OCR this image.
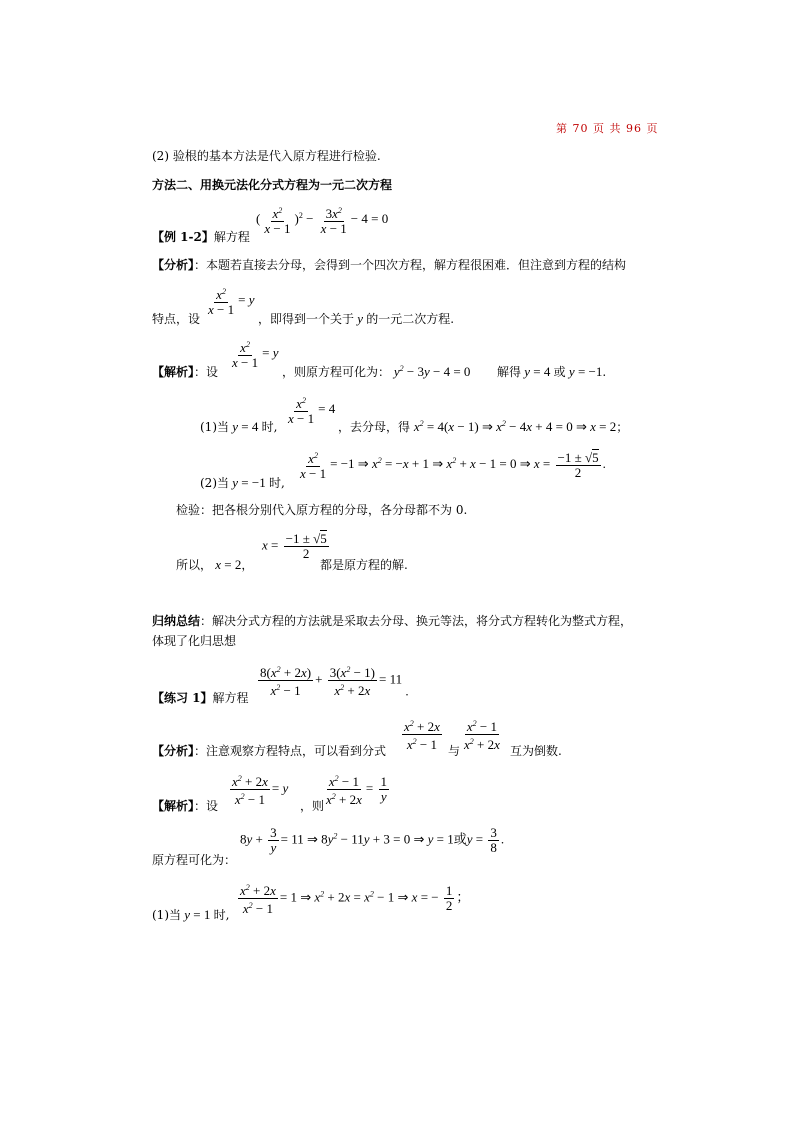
第 70 页 共 96 页
(2) 验根的基本方法是代入原方程进行检验.
方法二、用换元法化分式方程为一元二次方程
【例 1-2】解方程
( $\frac{x^2}{x - 1} )^2 - \frac{3x^2}{x - 1} - 4 = 0$
【分析】：本题若直接去分母，会得到一个四次方程，解方程很困难．但注意到方程的结构
特点，设
$\frac{x^2}{x - 1} = y$
，即得到一个关于 y 的一元二次方程.
【解析】：设
$\frac{x^2}{x - 1} = y$
，则原方程可化为： $y^2 - 3y - 4 = 0$ 解得 y = 4 或 y = −1.
(1)当 y = 4 时,
$\frac{x^2}{x - 1} = 4$
，去分母，得 $x^2 = 4(x - 1)$ ⇒ $x^2 - 4x + 4 = 0$ ⇒ x = 2；
(2)当 y = −1 时,
$\frac{x^2}{x - 1} = -1$ ⇒ $x^2 = -x + 1$ ⇒ $x^2 + x - 1 = 0$ ⇒ $x = \frac{-1 \pm √5}{2}$ .
检验：把各根分别代入原方程的分母，各分母都不为 0.
所以， x = 2，
$x = \frac{-1 \pm √5}{2}$
都是原方程的解.
归纳总结：解决分式方程的方法就是采取去分母、换元等法，将分式方程转化为整式方程，
体现了化归思想
【练习 1】解方程 $\frac{8(x^2 + 2x)}{x^2 - 1} + \frac{3(x^2 - 1)}{x^2 + 2x} = 11$ .
【分析】：注意观察方程特点，可以看到分式 $\frac{x^2 + 2x}{x^2 - 1}$ 与 $\frac{x^2 - 1}{x^2 + 2x}$ 互为倒数.
【解析】：设 $\frac{x^2 + 2x}{x^2 - 1} = y$
，则 $\frac{x^2 - 1}{x^2 + 2x} = \frac{1}{y}$
原方程可化为：
$8y + \frac{3}{y} = 11$ ⇒ $8y^2 - 11y + 3 = 0$ ⇒ y = 1或$y = \frac{3}{8}$ .
(1)当 y = 1 时, $\frac{x^2 + 2x}{x^2 - 1} = 1$ ⇒ $x^2 + 2x = x^2 - 1$ ⇒ x = − $\frac{1}{2}$ ；
